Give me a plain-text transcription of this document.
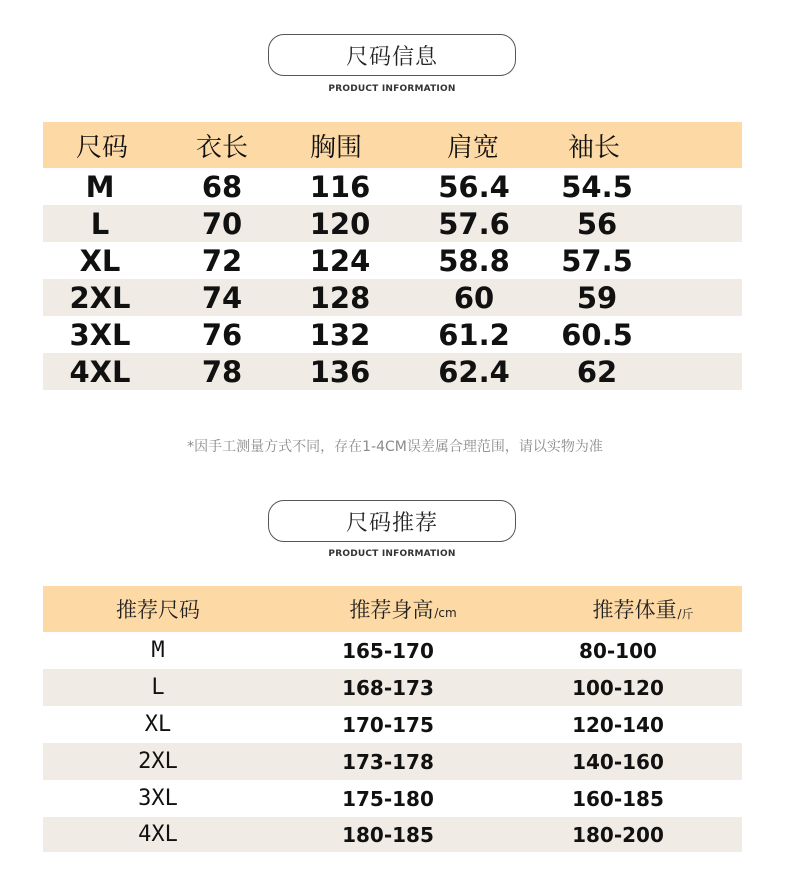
尺码信息
PRODUCT INFORMATION
尺码	衣长	胸围	肩宽	袖长
M	68	116	56.4	54.5
L	70	120	57.6	56
XL	72	124	58.8	57.5
2XL	74	128	60	59
3XL	76	132	61.2	60.5
4XL	78	136	62.4	62
*因手工测量方式不同，存在1-4CM误差属合理范围，请以实物为准
尺码推荐
PRODUCT INFORMATION
推荐尺码	推荐身高 /cm	推荐体重 /斤
M	165-170	80-100
L	168-173	100-120
XL	170-175	120-140
2XL	173-178	140-160
3XL	175-180	160-185
4XL	180-185	180-200
